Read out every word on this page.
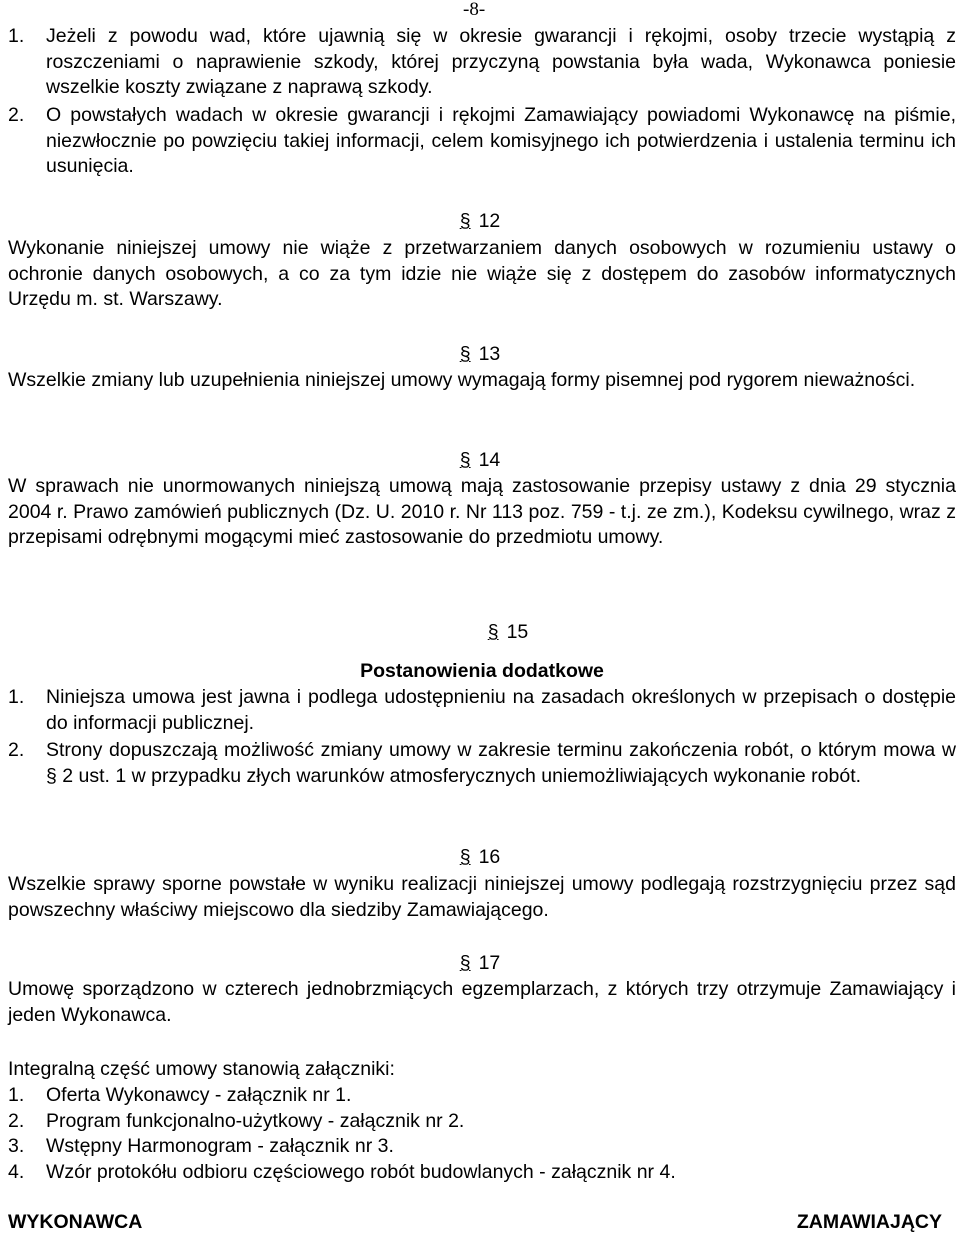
-8-
1. Jeżeli z powodu wad, które ujawnią się w okresie gwarancji i rękojmi, osoby trzecie wystąpią z roszczeniami o naprawienie szkody, której przyczyną powstania była wada, Wykonawca poniesie wszelkie koszty związane z naprawą szkody.
2. O powstałych wadach w okresie gwarancji i rękojmi Zamawiający powiadomi Wykonawcę na piśmie, niezwłocznie po powzięciu takiej informacji, celem komisyjnego ich potwierdzenia i ustalenia terminu ich usunięcia.
§ 12
Wykonanie niniejszej umowy nie wiąże z przetwarzaniem danych osobowych w rozumieniu ustawy o ochronie danych osobowych, a co za tym idzie nie wiąże się z dostępem do zasobów informatycznych Urzędu m. st. Warszawy.
§ 13
Wszelkie zmiany lub uzupełnienia niniejszej umowy wymagają formy pisemnej pod rygorem nieważności.
§ 14
W sprawach nie unormowanych niniejszą umową mają zastosowanie przepisy ustawy z dnia 29 stycznia 2004 r. Prawo zamówień publicznych (Dz. U. 2010 r. Nr 113 poz. 759 - t.j. ze zm.), Kodeksu cywilnego, wraz z przepisami odrębnymi mogącymi mieć zastosowanie do przedmiotu umowy.
§ 15
Postanowienia dodatkowe
1. Niniejsza umowa jest jawna i podlega udostępnieniu na zasadach określonych w przepisach o dostępie do informacji publicznej.
2. Strony dopuszczają możliwość zmiany umowy w zakresie terminu zakończenia robót, o którym mowa w § 2 ust. 1 w przypadku złych warunków atmosferycznych uniemożliwiających wykonanie robót.
§ 16
Wszelkie sprawy sporne powstałe w wyniku realizacji niniejszej umowy podlegają rozstrzygnięciu przez sąd powszechny właściwy miejscowo dla siedziby Zamawiającego.
§ 17
Umowę sporządzono w czterech jednobrzmiących egzemplarzach, z których trzy otrzymuje Zamawiający i jeden Wykonawca.
Integralną część umowy stanowią załączniki:
1. Oferta Wykonawcy - załącznik nr 1.
2. Program funkcjonalno-użytkowy - załącznik nr 2.
3. Wstępny Harmonogram - załącznik nr 3.
4. Wzór protokółu odbioru częściowego robót budowlanych - załącznik nr 4.
WYKONAWCA	ZAMAWIAJĄCY
